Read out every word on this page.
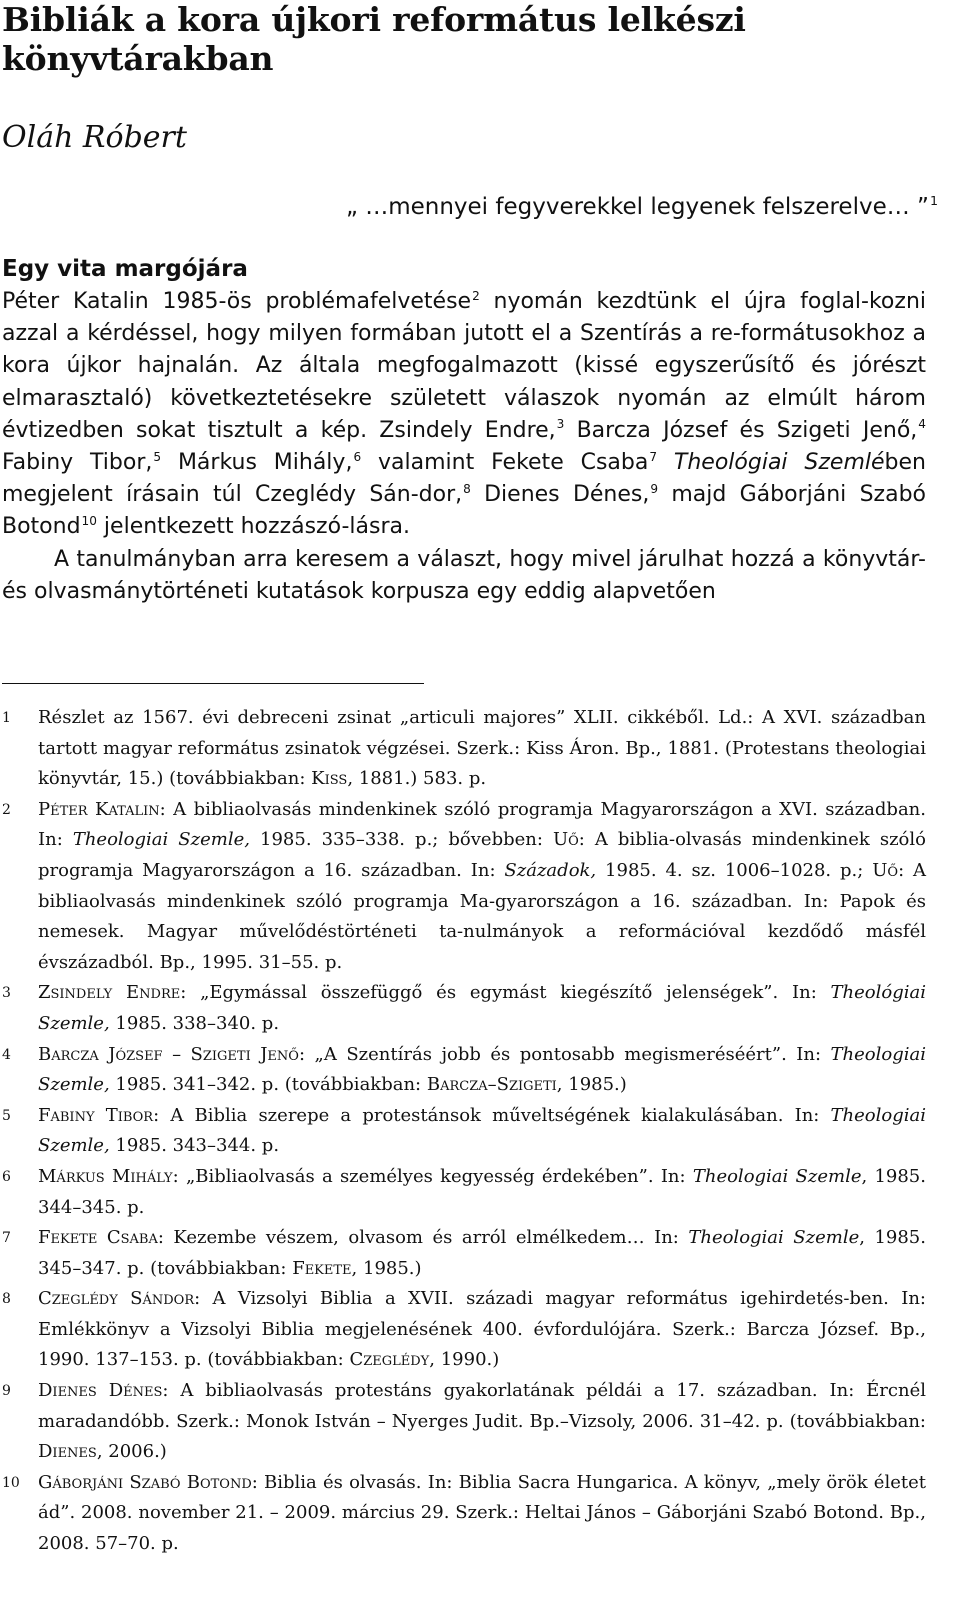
Bibliák a kora újkori református lelkészi könyvtárakban
Oláh Róbert
„ …mennyei fegyverekkel legyenek felszerelve… ”$^1$
Egy vita margójára

Péter Katalin 1985-ös problémafelvetése$^2$ nyomán kezdtünk el újra foglal-kozni azzal a kérdéssel, hogy milyen formában jutott el a Szentírás a re-formátusokhoz a kora újkor hajnalán. Az általa megfogalmazott (kissé egyszerűsítő és jórészt elmarasztaló) következtetésekre született válaszok nyomán az elmúlt három évtizedben sokat tisztult a kép. Zsindely Endre,$^3$ Barcza József és Szigeti Jenő,$^4$ Fabiny Tibor,$^5$ Márkus Mihály,$^6$ valamint Fekete Csaba$^7$ Theológiai Szemlében megjelent írásain túl Czeglédy Sán-dor,$^8$ Dienes Dénes,$^9$ majd Gáborjáni Szabó Botond$^{10}$ jelentkezett hozzászó-lásra.

A tanulmányban arra keresem a választ, hogy mivel járulhat hozzá a könyvtár- és olvasmánytörténeti kutatások korpusza egy eddig alapvetően

1	Részlet az 1567. évi debreceni zsinat „articuli majores” XLII. cikkéből. Ld.: A XVI. században tartott magyar református zsinatok végzései. Szerk.: Kiss Áron. Bp., 1881. (Protestans theologiai könyvtár, 15.) (továbbiakban: Kiss, 1881.) 583. p.
2	Péter Katalin: A bibliaolvasás mindenkinek szóló programja Magyarországon a XVI. században. In: Theologiai Szemle, 1985. 335–338. p.; bővebben: Uő: A biblia-olvasás mindenkinek szóló programja Magyarországon a 16. században. In: Századok, 1985. 4. sz. 1006–1028. p.; Uő: A bibliaolvasás mindenkinek szóló programja Ma-gyarországon a 16. században. In: Papok és nemesek. Magyar művelődéstörténeti ta-nulmányok a reformációval kezdődő másfél évszázadból. Bp., 1995. 31–55. p.
3	Zsindely Endre: „Egymással összefüggő és egymást kiegészítő jelenségek”. In: Theológiai Szemle, 1985. 338–340. p.
4	Barcza József – Szigeti Jenő: „A Szentírás jobb és pontosabb megismeréséért”. In: Theologiai Szemle, 1985. 341–342. p. (továbbiakban: Barcza–Szigeti, 1985.)
5	Fabiny Tibor: A Biblia szerepe a protestánsok műveltségének kialakulásában. In: Theologiai Szemle, 1985. 343–344. p.
6	Márkus Mihály: „Bibliaolvasás a személyes kegyesség érdekében”. In: Theologiai Szemle, 1985. 344–345. p.
7	Fekete Csaba: Kezembe vészem, olvasom és arról elmélkedem… In: Theologiai Szemle, 1985. 345–347. p. (továbbiakban: Fekete, 1985.)
8	Czeglédy Sándor: A Vizsolyi Biblia a XVII. századi magyar református igehirdetés-ben. In: Emlékkönyv a Vizsolyi Biblia megjelenésének 400. évfordulójára. Szerk.: Barcza József. Bp., 1990. 137–153. p. (továbbiakban: Czeglédy, 1990.)
9	Dienes Dénes: A bibliaolvasás protestáns gyakorlatának példái a 17. században. In: Ércnél maradandóbb. Szerk.: Monok István – Nyerges Judit. Bp.–Vizsoly, 2006. 31–42. p. (továbbiakban: Dienes, 2006.)
10	Gáborjáni Szabó Botond: Biblia és olvasás. In: Biblia Sacra Hungarica. A könyv, „mely örök életet ád”. 2008. november 21. – 2009. március 29. Szerk.: Heltai János – Gáborjáni Szabó Botond. Bp., 2008. 57–70. p.
